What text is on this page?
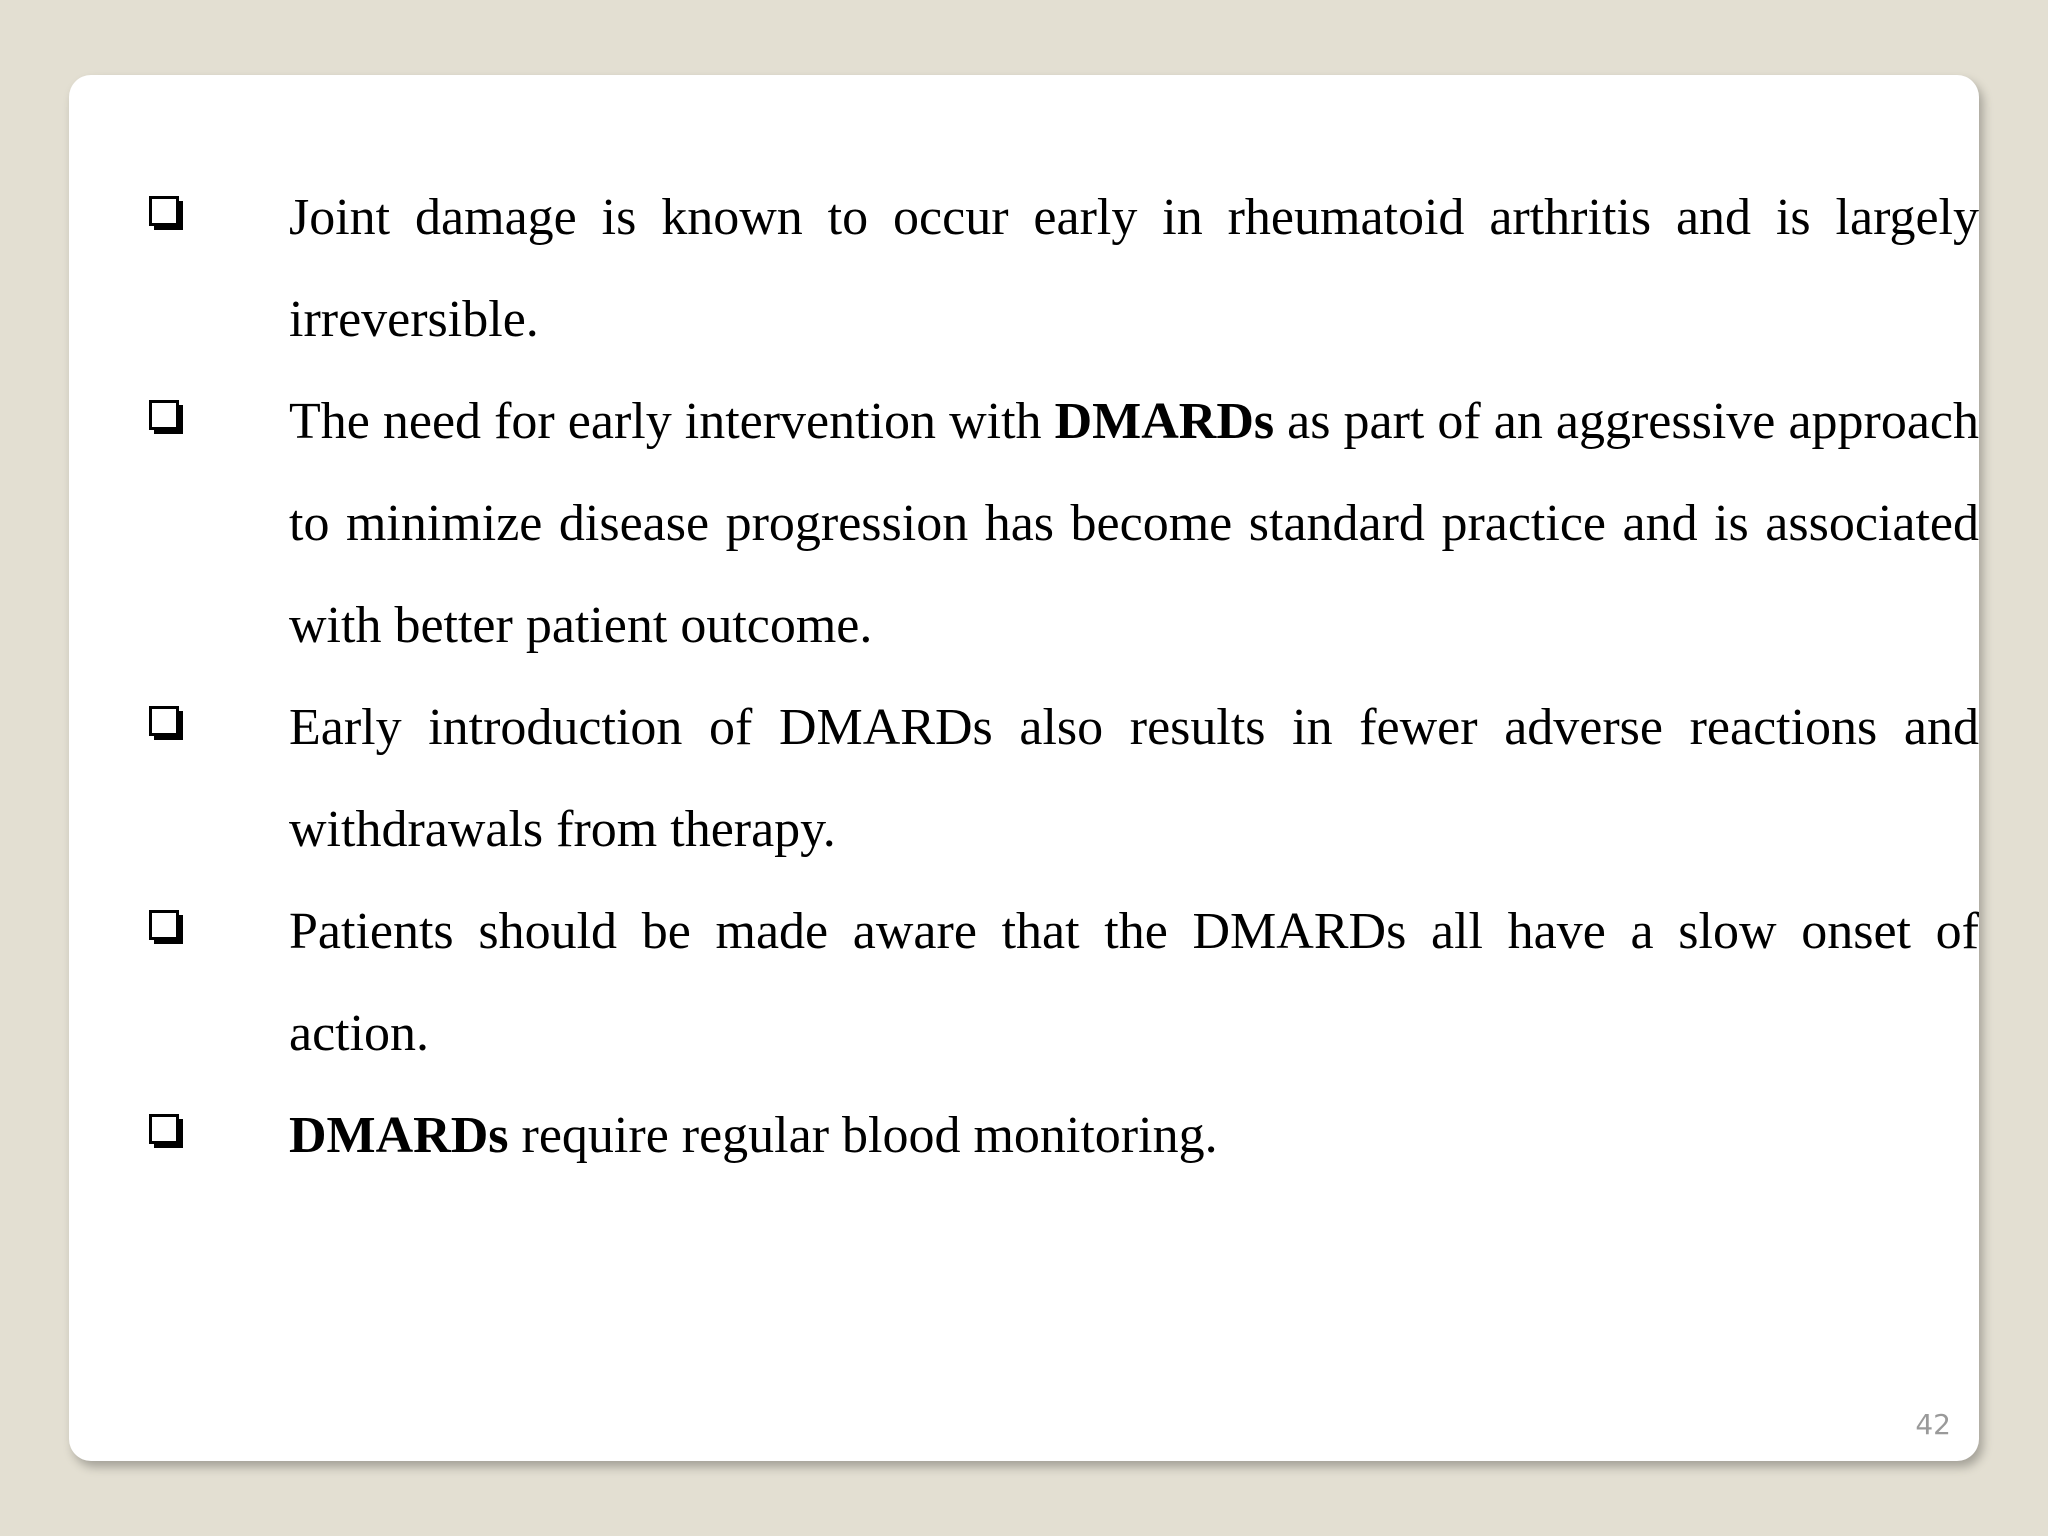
Joint damage is known to occur early in rheumatoid arthritis and is largely irreversible.
The need for early intervention with DMARDs as part of an aggressive approach to minimize disease progression has become standard practice and is associated with better patient outcome.
Early introduction of DMARDs also results in fewer adverse reactions and withdrawals from therapy.
Patients should be made aware that the DMARDs all have a slow onset of action.
DMARDs require regular blood monitoring.
42
